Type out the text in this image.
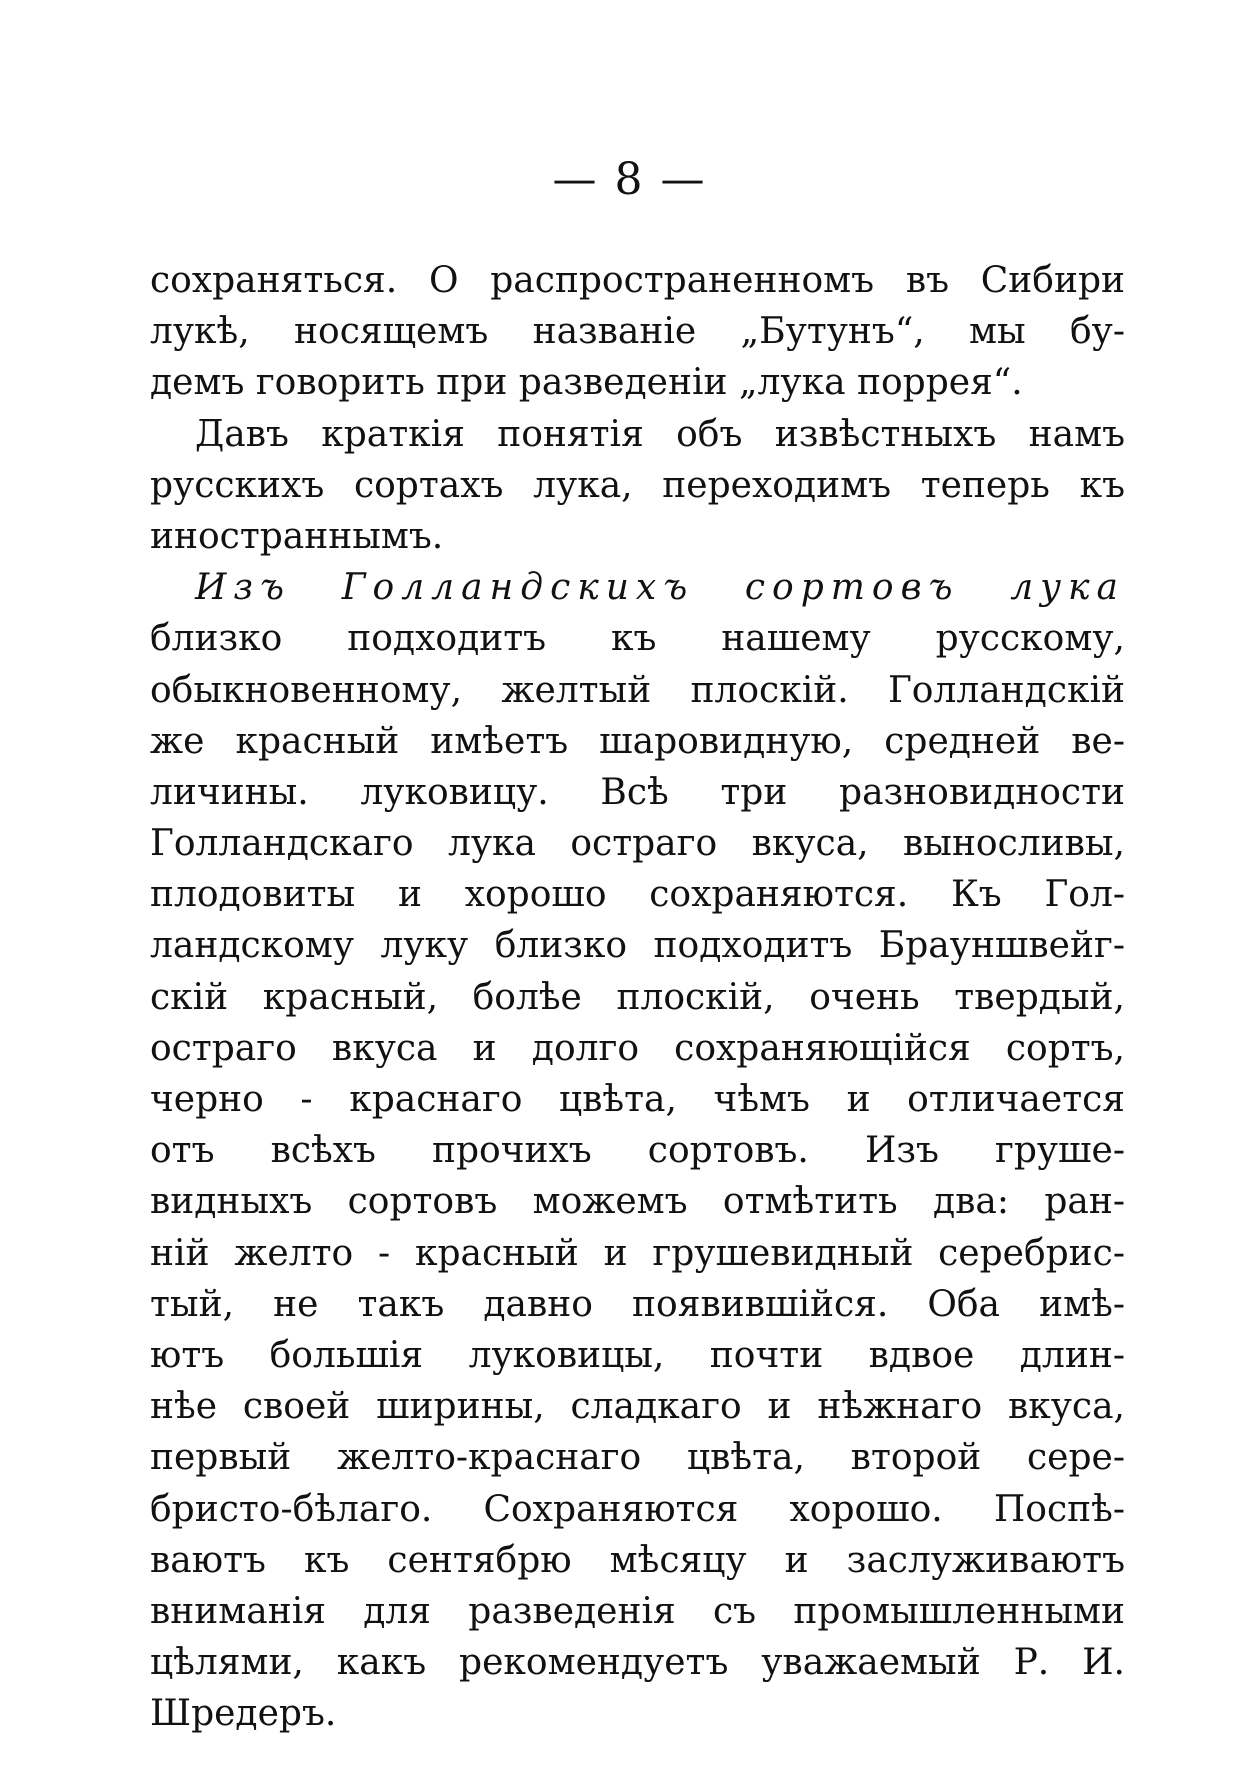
— 8 —
сохраняться. О распространенномъ въ Сибири
лукѣ, носящемъ названіе „Бутунъ“, мы бу-
демъ говорить при разведеніи „лука поррея“.
Давъ краткія понятія объ извѣстныхъ намъ
русскихъ сортахъ лука, переходимъ теперь къ
иностраннымъ.
Изъ Голландскихъ сортовъ лука
близко подходитъ къ нашему русскому,
обыкновенному, желтый плоскій. Голландскій
же красный имѣетъ шаровидную, средней ве-
личины. луковицу. Всѣ три разновидности
Голландскаго лука остраго вкуса, выносливы,
плодовиты и хорошо сохраняются. Къ Гол-
ландскому луку близко подходитъ Брауншвейг-
скій красный, болѣе плоскій, очень твердый,
остраго вкуса и долго сохраняющійся сортъ,
черно - краснаго цвѣта, чѣмъ и отличается
отъ всѣхъ прочихъ сортовъ. Изъ груше-
видныхъ сортовъ можемъ отмѣтить два: ран-
ній желто - красный и грушевидный серебрис-
тый, не такъ давно появившійся. Оба имѣ-
ютъ большія луковицы, почти вдвое длин-
нѣе своей ширины, сладкаго и нѣжнаго вкуса,
первый желто-краснаго цвѣта, второй сере-
бристо-бѣлаго. Сохраняются хорошо. Поспѣ-
ваютъ къ сентябрю мѣсяцу и заслуживаютъ
вниманія для разведенія съ промышленными
цѣлями, какъ рекомендуетъ уважаемый Р. И.
Шредеръ.
